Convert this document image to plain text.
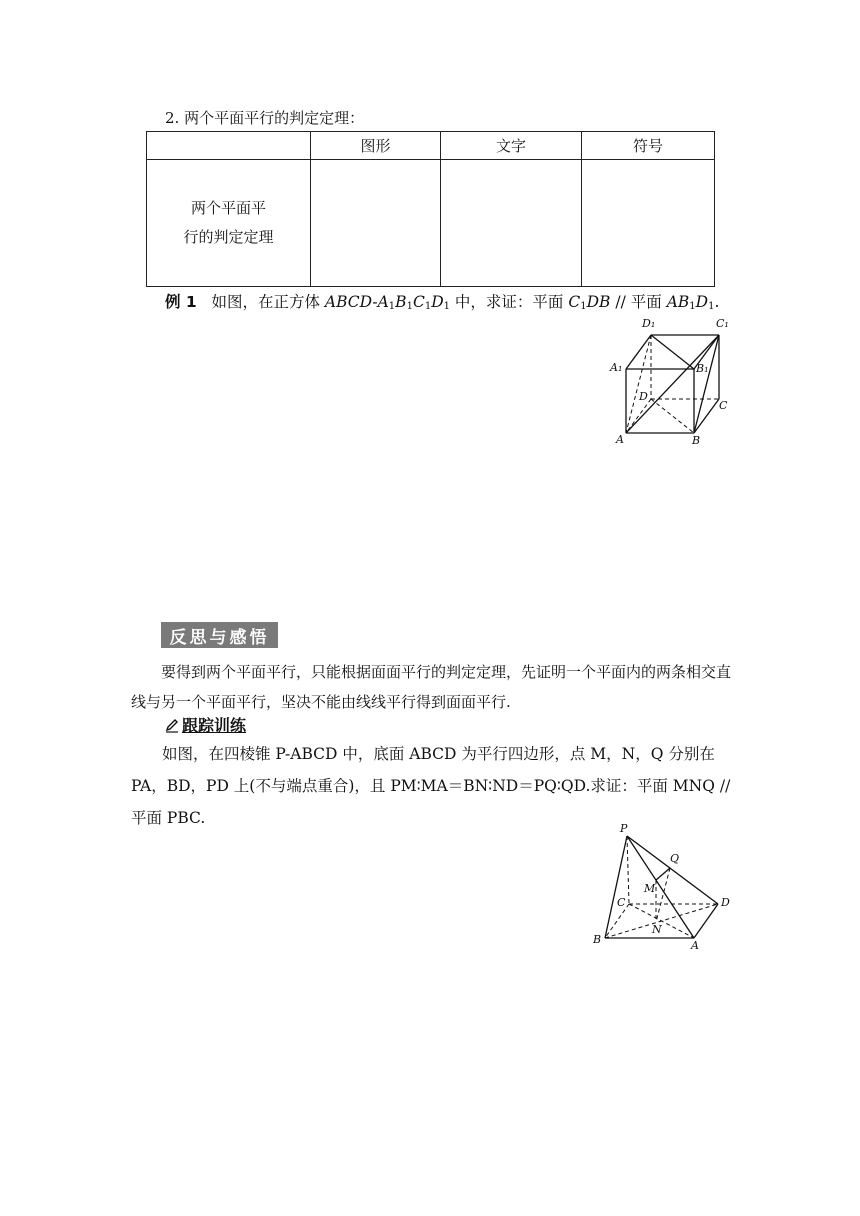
2. 两个平面平行的判定定理：
	图形	文字	符号
两个平面平
行的判定定理			
例 1 如图，在正方体 ABCD-$A_1B_1C_1D_1$ 中，求证：平面 $C_1DB$ // 平面 $AB_1D_1$.
D₁	C₁
A₁	B₁
D
C
A	B
反思与感悟
要得到两个平面平行，只能根据面面平行的判定定理，先证明一个平面内的两条相交直线与另一个平面平行，坚决不能由线线平行得到面面平行.
跟踪训练
如图，在四棱锥 P-ABCD 中，底面 ABCD 为平行四边形，点 M，N，Q 分别在 PA，BD，PD 上(不与端点重合)，且 PM∶MA＝BN∶ND＝PQ∶QD.求证：平面 MNQ // 平面 PBC.
P
Q
M
C	D
N
B	A
